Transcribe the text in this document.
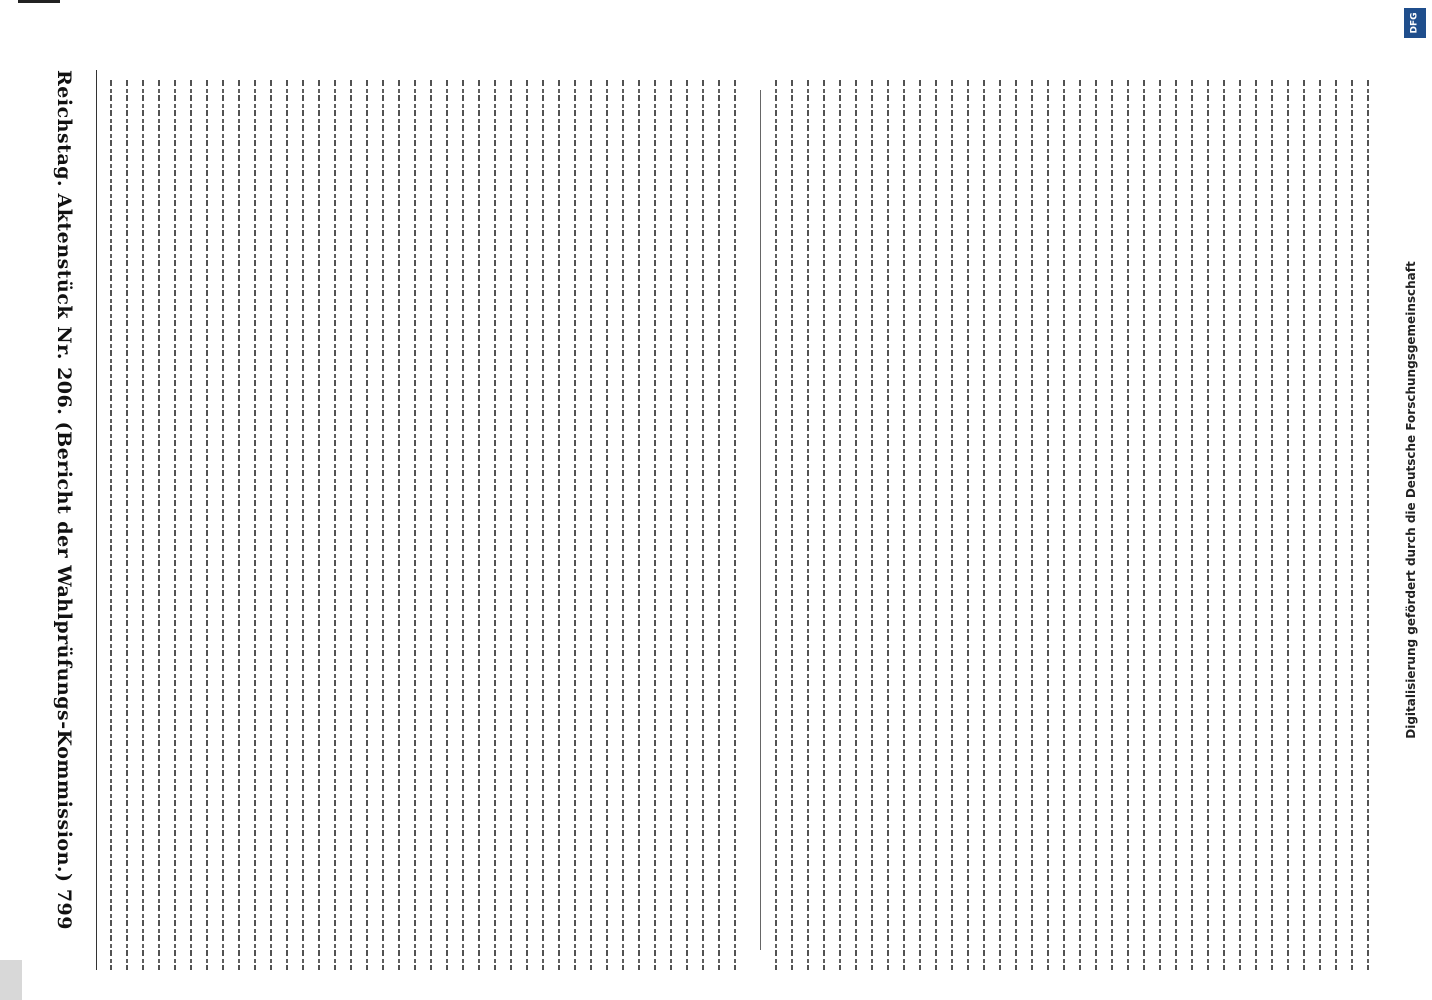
Reichstag.
Aktenstück Nr. 206.
(Bericht der Wahlprüfungs-Kommission.)
799
Digitalisierung gefördert durch die Deutsche Forschungsgemeinschaft
DFG
